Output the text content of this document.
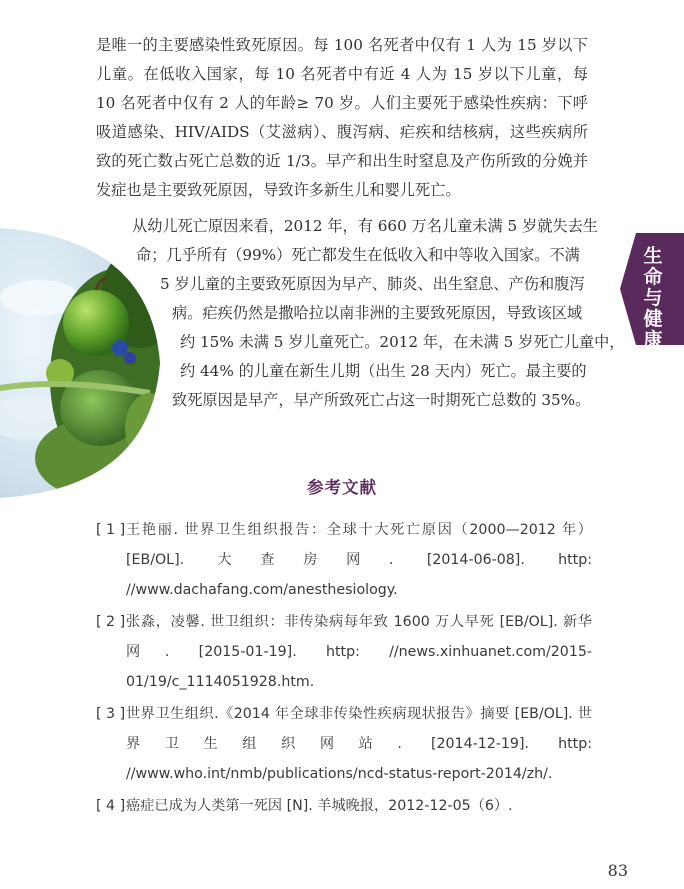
是唯一的主要感染性致死原因。每 100 名死者中仅有 1 人为 15 岁以下儿童。在低收入国家，每 10 名死者中有近 4 人为 15 岁以下儿童，每 10 名死者中仅有 2 人的年龄≥ 70 岁。人们主要死于感染性疾病：下呼吸道感染、HIV/AIDS（艾滋病）、腹泻病、疟疾和结核病，这些疾病所致的死亡数占死亡总数的近 1/3。早产和出生时窒息及产伤所致的分娩并发症也是主要致死原因，导致许多新生儿和婴儿死亡。

从幼儿死亡原因来看，2012 年，有 660 万名儿童未满 5 岁就失去生
命；几乎所有（99%）死亡都发生在低收入和中等收入国家。不满
5 岁儿童的主要致死原因为早产、肺炎、出生窒息、产伤和腹泻
病。疟疾仍然是撒哈拉以南非洲的主要致死原因，导致该区域
约 15% 未满 5 岁儿童死亡。2012 年，在未满 5 岁死亡儿童中，
约 44% 的儿童在新生儿期（出生 28 天内）死亡。最主要的
致死原因是早产，早产所致死亡占这一时期死亡总数的 35%。
生
命
与
健
康
参考文献
[ 1 ] 王艳丽. 世界卫生组织报告：全球十大死亡原因（2000—2012 年）[EB/OL]. 大查房网. [2014-06-08]. http: //www.dachafang.com/anesthesiology.
[ 2 ] 张淼，凌馨. 世卫组织：非传染病每年致 1600 万人早死 [EB/OL]. 新华网. [2015-01-19]. http: //news.xinhuanet.com/2015-01/19/c_1114051928.htm.
[ 3 ] 世界卫生组织.《2014 年全球非传染性疾病现状报告》摘要 [EB/OL]. 世界卫生组织网站. [2014-12-19]. http: //www.who.int/nmb/publications/ncd-status-report-2014/zh/.
[ 4 ] 癌症已成为人类第一死因 [N]. 羊城晚报，2012-12-05（6）.
83
